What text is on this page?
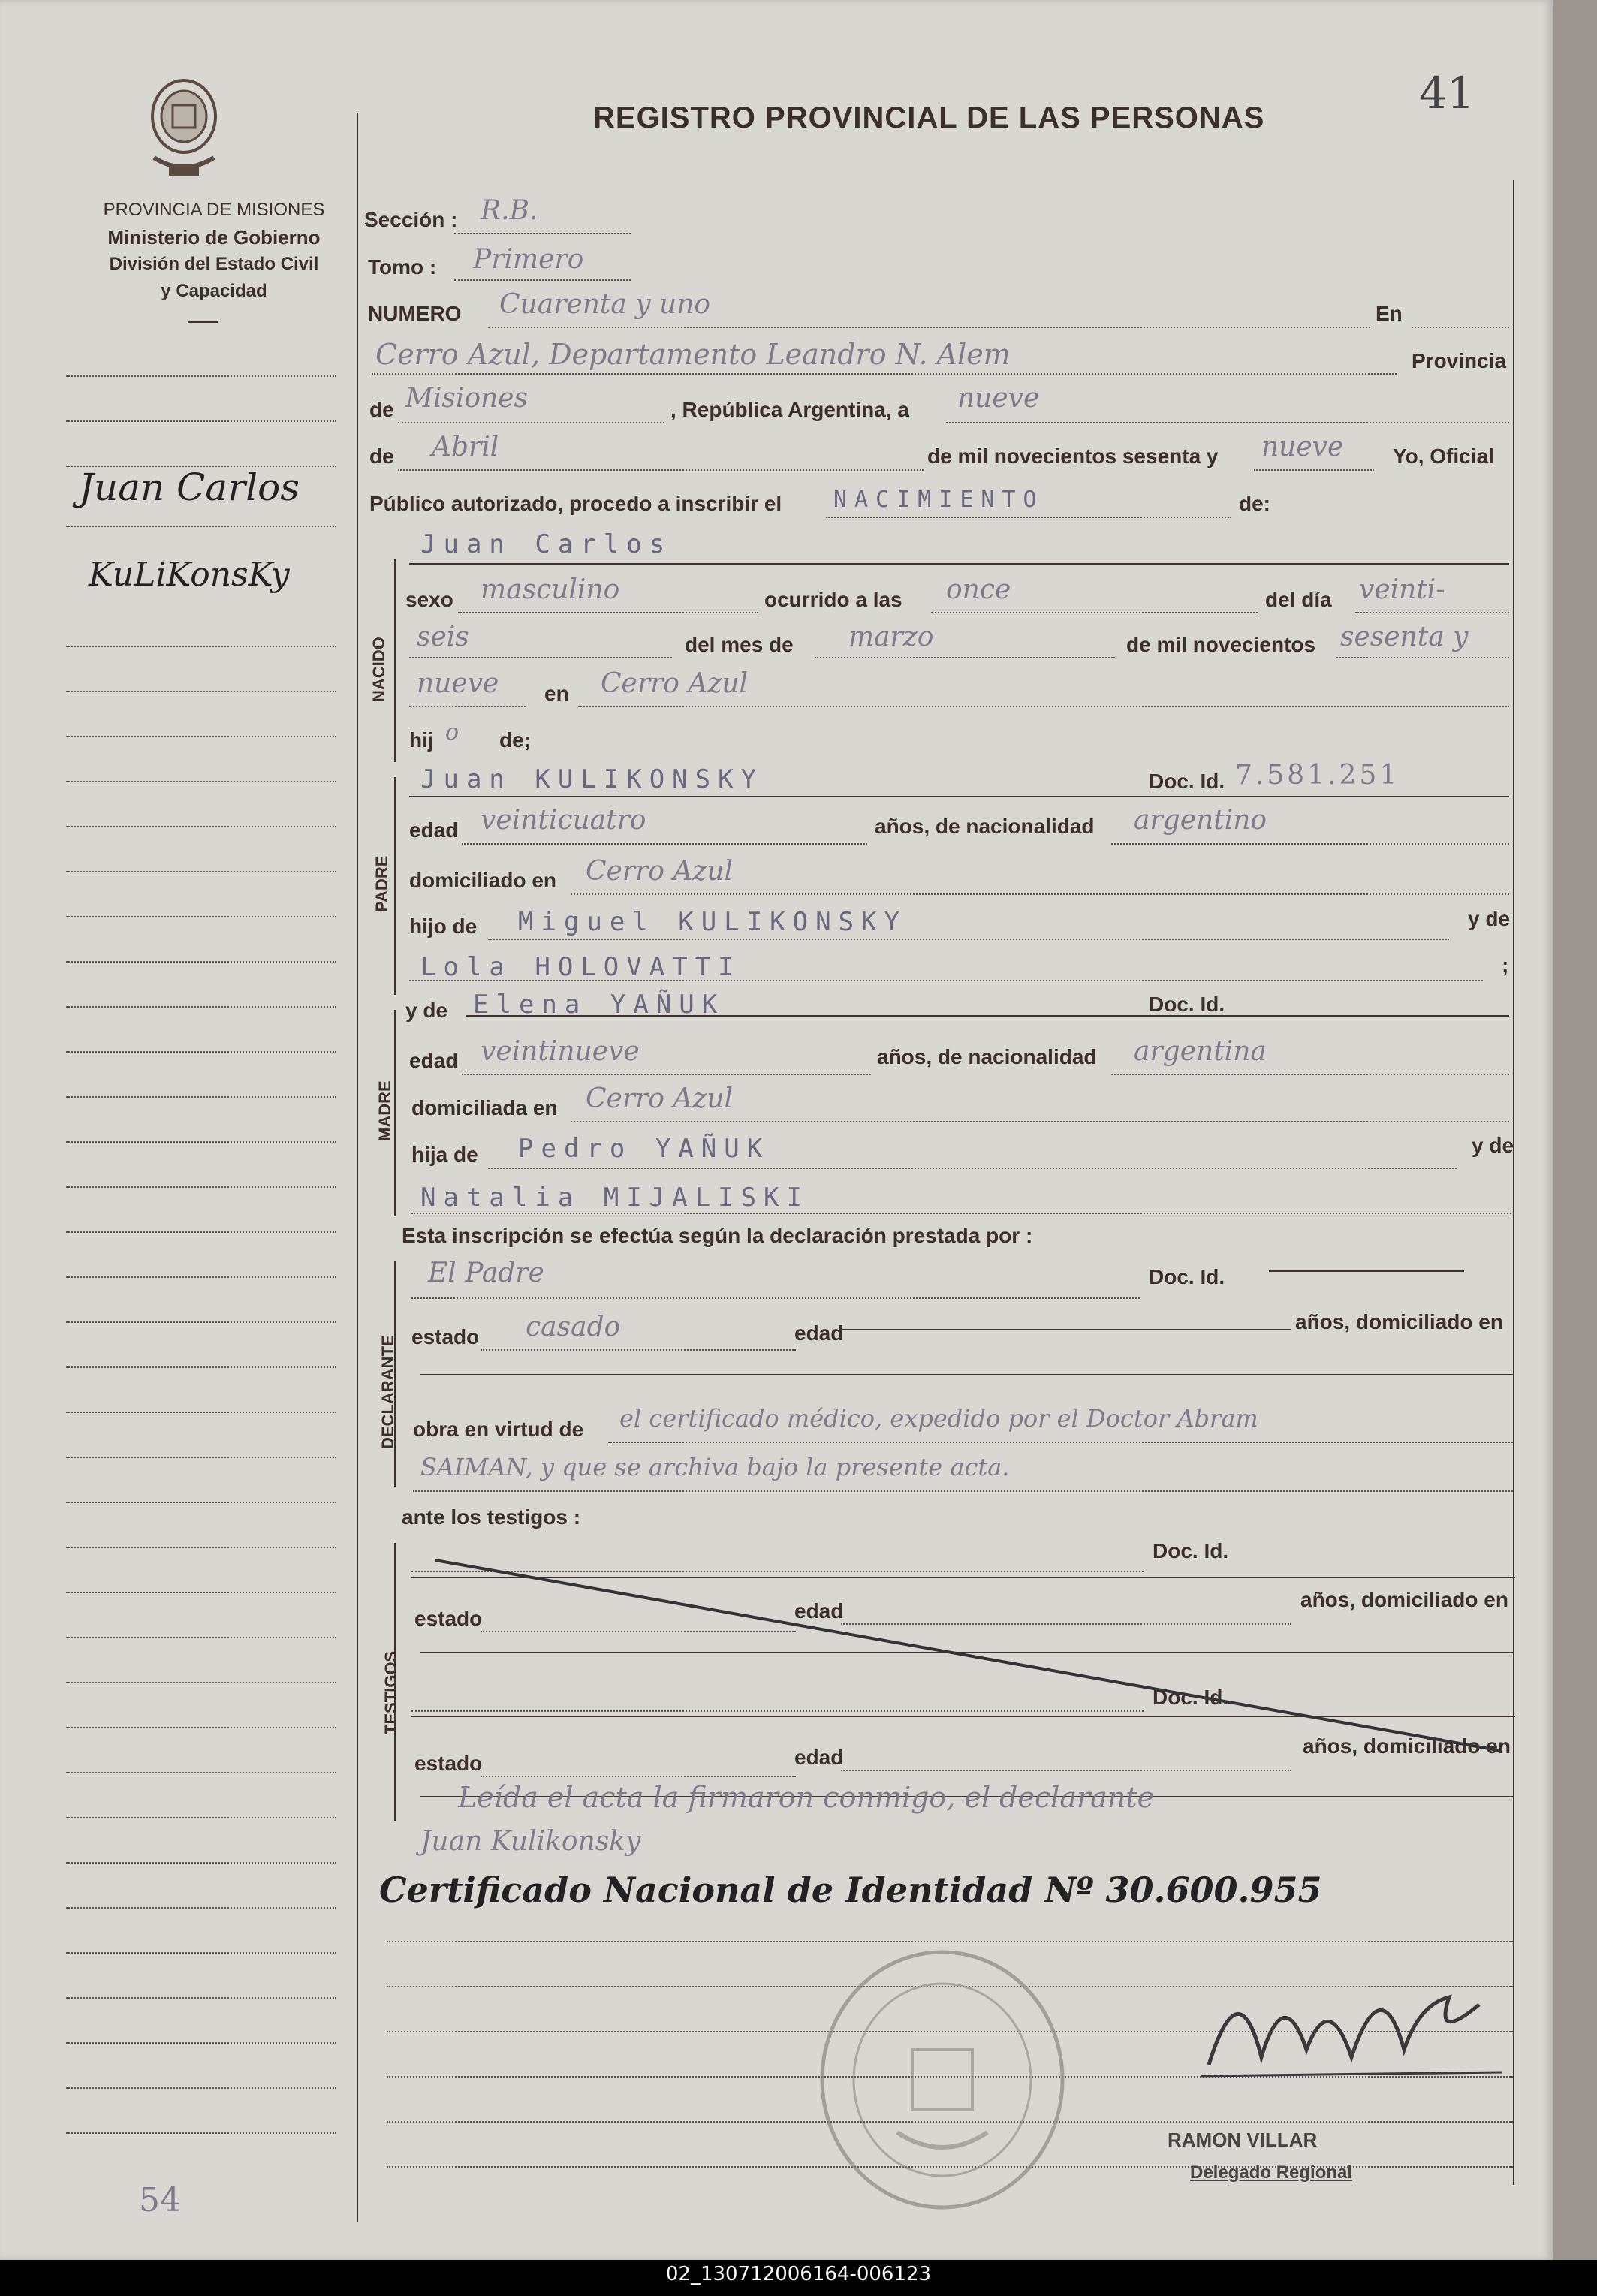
PROVINCIA DE MISIONES
Ministerio de Gobierno
División del Estado Civil
y Capacidad
REGISTRO PROVINCIAL DE LAS PERSONAS	41
Juan Carlos
KuLiKonsKy
54
Sección : R.B.
Tomo : Primero
NUMERO Cuarenta y uno	En
Cerro Azul, Departamento Leandro N. Alem	Provincia
de Misiones	, República Argentina, a nueve
de Abril	de mil novecientos sesenta y nueve Yo, Oficial
Público autorizado, procedo a inscribir el NACIMIENTO	de:
NACIDO
Juan Carlos
sexo masculino	ocurrido a las once	del día veinti-
seis	del mes de marzo	de mil novecientos sesenta y
nueve en Cerro Azul
hij o de;
PADRE
Juan KULIKONSKY	Doc. Id. 7.581.251
edad veinticuatro	años, de nacionalidad argentino
domiciliado en Cerro Azul
hijo de Miguel KULIKONSKY	y de
Lola HOLOVATTI	;
MADRE
y de Elena YAÑUK	Doc. Id.
edad veintinueve	años, de nacionalidad argentina
domiciliada en Cerro Azul
hija de Pedro YAÑUK	y de
Natalia MIJALISKI
Esta inscripción se efectúa según la declaración prestada por :
DECLARANTE
El Padre	Doc. Id.
estado casado	edad	años, domiciliado en
obra en virtud de el certificado médico, expedido por el Doctor Abram
SAIMAN, y que se archiva bajo la presente acta.
ante los testigos :
TESTIGOS
Doc. Id.
estado	edad	años, domiciliado en
Doc. Id.
estado	edad	años, domiciliado en
Leída el acta la firmaron conmigo, el declarante
Juan Kulikonsky
Certificado Nacional de Identidad Nº 30.600.955
RAMON VILLAR
Delegado Regional
02_130712006164-006123
